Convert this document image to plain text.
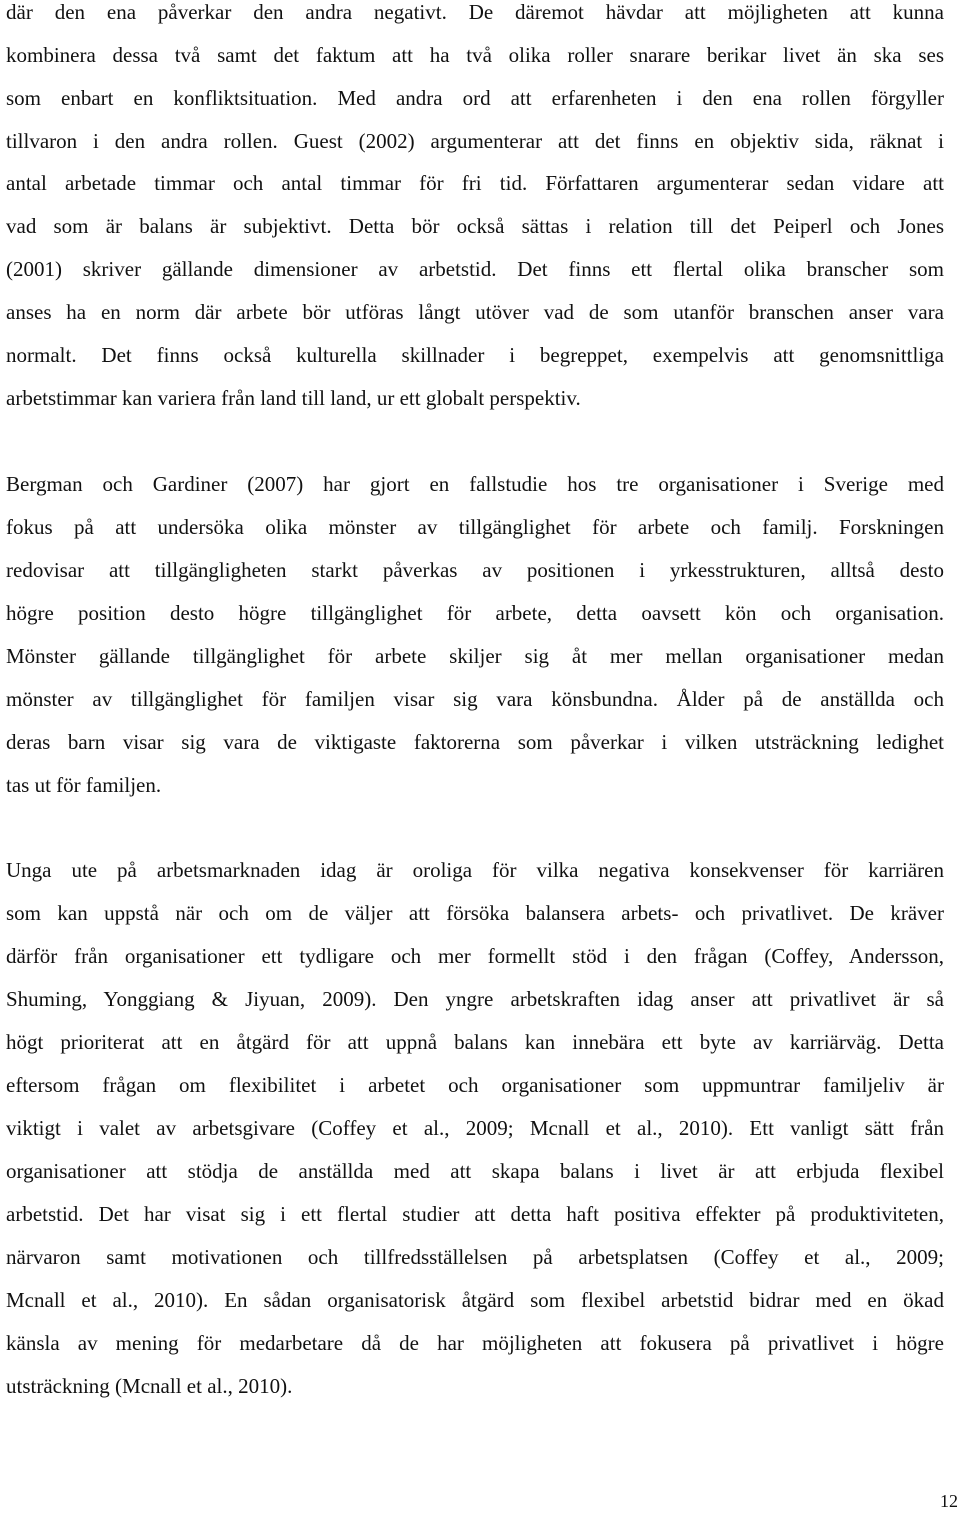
där den ena påverkar den andra negativt. De däremot hävdar att möjligheten att kunna
kombinera dessa två samt det faktum att ha två olika roller snarare berikar livet än ska ses
som enbart en konfliktsituation. Med andra ord att erfarenheten i den ena rollen förgyller
tillvaron i den andra rollen. Guest (2002) argumenterar att det finns en objektiv sida, räknat i
antal arbetade timmar och antal timmar för fri tid. Författaren argumenterar sedan vidare att
vad som är balans är subjektivt. Detta bör också sättas i relation till det Peiperl och Jones
(2001) skriver gällande dimensioner av arbetstid. Det finns ett flertal olika branscher som
anses ha en norm där arbete bör utföras långt utöver vad de som utanför branschen anser vara
normalt. Det finns också kulturella skillnader i begreppet, exempelvis att genomsnittliga
arbetstimmar kan variera från land till land, ur ett globalt perspektiv.
Bergman och Gardiner (2007) har gjort en fallstudie hos tre organisationer i Sverige med
fokus på att undersöka olika mönster av tillgänglighet för arbete och familj. Forskningen
redovisar att tillgängligheten starkt påverkas av positionen i yrkesstrukturen, alltså desto
högre position desto högre tillgänglighet för arbete, detta oavsett kön och organisation.
Mönster gällande tillgänglighet för arbete skiljer sig åt mer mellan organisationer medan
mönster av tillgänglighet för familjen visar sig vara könsbundna. Ålder på de anställda och
deras barn visar sig vara de viktigaste faktorerna som påverkar i vilken utsträckning ledighet
tas ut för familjen.
Unga ute på arbetsmarknaden idag är oroliga för vilka negativa konsekvenser för karriären
som kan uppstå när och om de väljer att försöka balansera arbets- och privatlivet. De kräver
därför från organisationer ett tydligare och mer formellt stöd i den frågan (Coffey, Andersson,
Shuming, Yonggiang & Jiyuan, 2009). Den yngre arbetskraften idag anser att privatlivet är så
högt prioriterat att en åtgärd för att uppnå balans kan innebära ett byte av karriärväg. Detta
eftersom frågan om flexibilitet i arbetet och organisationer som uppmuntrar familjeliv är
viktigt i valet av arbetsgivare (Coffey et al., 2009; Mcnall et al., 2010). Ett vanligt sätt från
organisationer att stödja de anställda med att skapa balans i livet är att erbjuda flexibel
arbetstid. Det har visat sig i ett flertal studier att detta haft positiva effekter på produktiviteten,
närvaron samt motivationen och tillfredsställelsen på arbetsplatsen (Coffey et al., 2009;
Mcnall et al., 2010). En sådan organisatorisk åtgärd som flexibel arbetstid bidrar med en ökad
känsla av mening för medarbetare då de har möjligheten att fokusera på privatlivet i högre
utsträckning (Mcnall et al., 2010).
12
